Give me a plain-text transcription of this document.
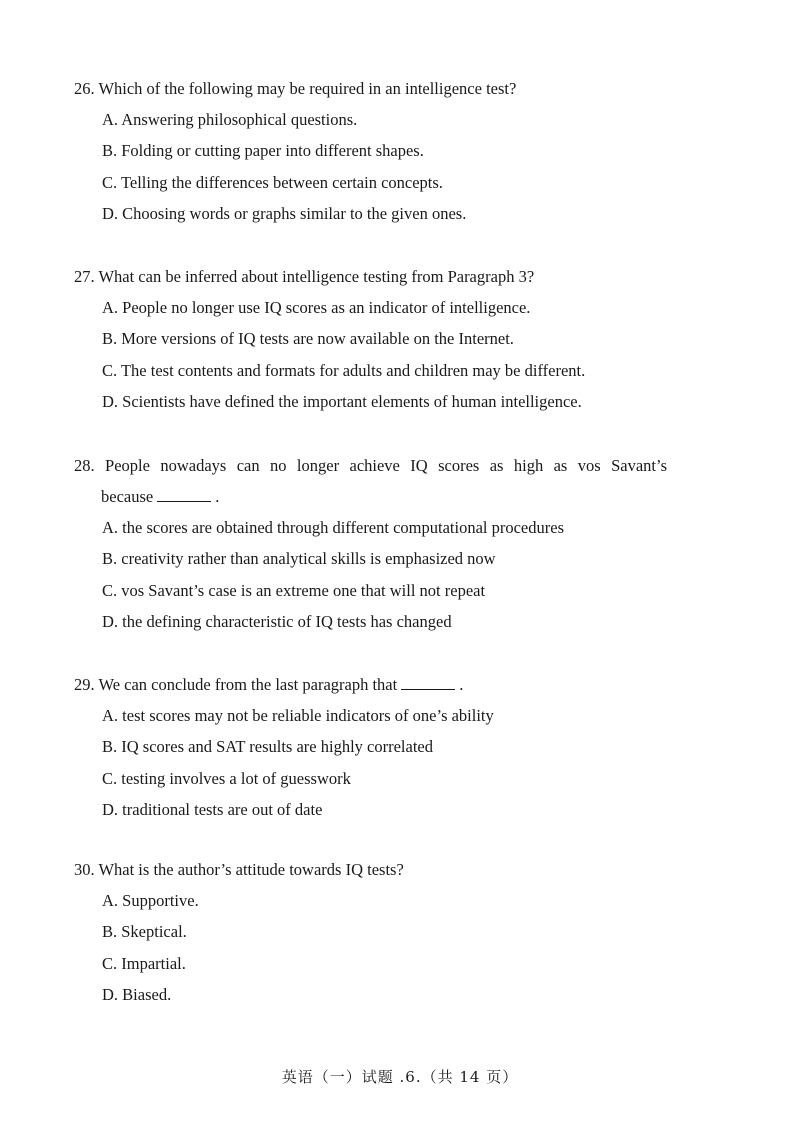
26. Which of the following may be required in an intelligence test?

A. Answering philosophical questions.

B. Folding or cutting paper into different shapes.

C. Telling the differences between certain concepts.

D. Choosing words or graphs similar to the given ones.

27. What can be inferred about intelligence testing from Paragraph 3?

A. People no longer use IQ scores as an indicator of intelligence.

B. More versions of IQ tests are now available on the Internet.

C. The test contents and formats for adults and children may be different.

D. Scientists have defined the important elements of human intelligence.

28. People nowadays can no longer achieve IQ scores as high as vos Savant’s

because	.

A. the scores are obtained through different computational procedures

B. creativity rather than analytical skills is emphasized now

C. vos Savant’s case is an extreme one that will not repeat

D. the defining characteristic of IQ tests has changed

29. We can conclude from the last paragraph that	.

A. test scores may not be reliable indicators of one’s ability

B. IQ scores and SAT results are highly correlated

C. testing involves a lot of guesswork

D. traditional tests are out of date

30. What is the author’s attitude towards IQ tests?

A. Supportive.

B. Skeptical.

C. Impartial.

D. Biased.

英语（一）试题 .6.（共 14 页）
